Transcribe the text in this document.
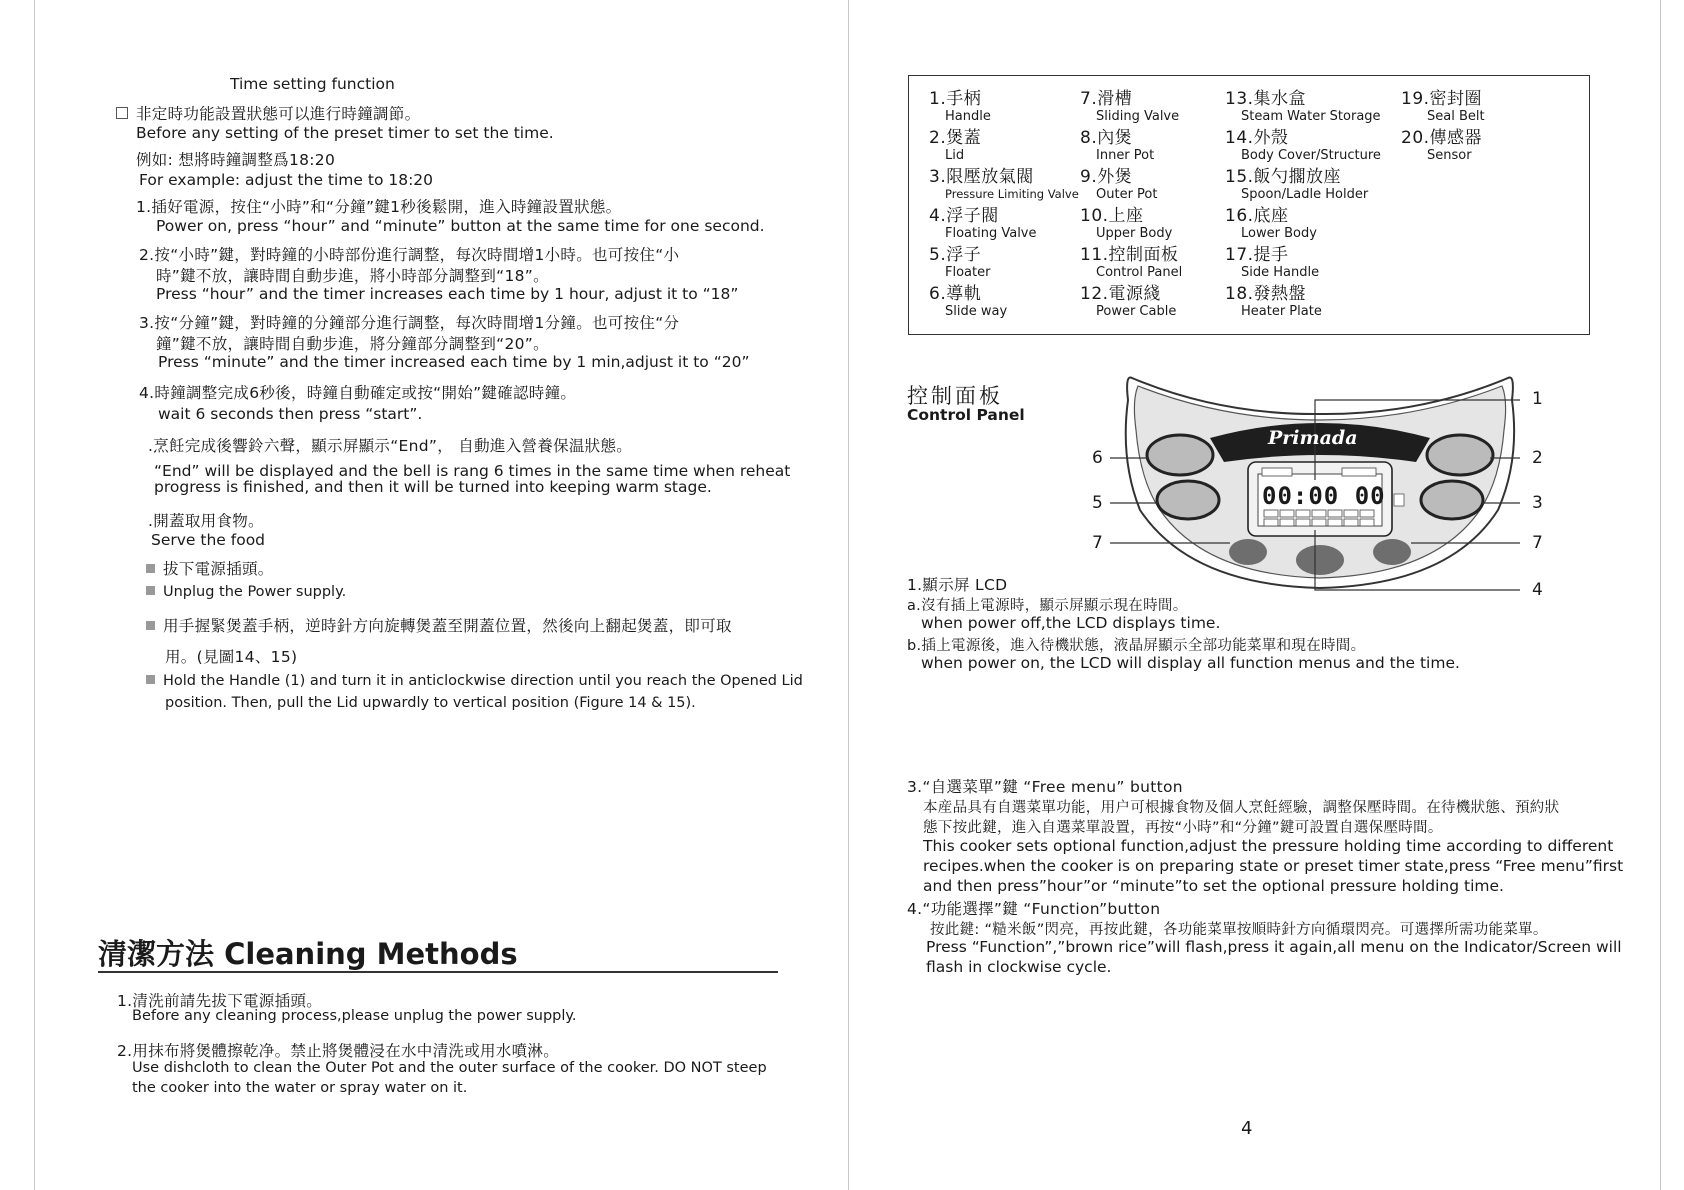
Time setting function
非定時功能設置狀態可以進行時鐘調節。
Before any setting of the preset timer to set the time.
例如: 想將時鐘調整爲18:20
For example: adjust the time to 18:20
1.插好電源，按住“小時”和“分鐘”鍵1秒後鬆開，進入時鐘設置狀態。
Power on, press “hour” and “minute” button at the same time for one second.
2.按“小時”鍵，對時鐘的小時部份進行調整，每次時間增1小時。也可按住“小
時”鍵不放，讓時間自動步進，將小時部分調整到“18”。
Press “hour” and the timer increases each time by 1 hour, adjust it to “18”
3.按“分鐘”鍵，對時鐘的分鐘部分進行調整，每次時間增1分鐘。也可按住“分
鐘”鍵不放，讓時間自動步進，將分鐘部分調整到“20”。
Press “minute” and the timer increased each time by 1 min,adjust it to “20”
4.時鐘調整完成6秒後，時鐘自動確定或按“開始”鍵確認時鐘。
wait 6 seconds then press “start”.
.烹飪完成後響鈴六聲，顯示屏顯示“End”， 自動進入營養保温狀態。
“End” will be displayed and the bell is rang 6 times in the same time when reheat
progress is finished, and then it will be turned into keeping warm stage.
.開蓋取用食物。
Serve the food
拔下電源插頭。
Unplug the Power supply.
用手握緊煲蓋手柄，逆時針方向旋轉煲蓋至開蓋位置，然後向上翻起煲蓋，即可取
用。(見圖14、15)
Hold the Handle (1) and turn it in anticlockwise direction until you reach the Opened Lid
position. Then, pull the Lid upwardly to vertical position (Figure 14 & 15).
清潔方法 Cleaning Methods
1.清洗前請先拔下電源插頭。
Before any cleaning process,please unplug the power supply.
2.用抹布將煲體擦乾净。禁止將煲體浸在水中清洗或用水噴淋。
Use dishcloth to clean the Outer Pot and the outer surface of the cooker. DO NOT steep
the cooker into the water or spray water on it.
1.手柄
Handle
2.煲蓋
Lid
3.限壓放氣閥
Pressure Limiting Valve
4.浮子閥
Floating Valve
5.浮子
Floater
6.導軌
Slide way
7.滑槽
Sliding Valve
8.內煲
Inner Pot
9.外煲
Outer Pot
10.上座
Upper Body
11.控制面板
Control Panel
12.電源綫
Power Cable
13.集水盒
Steam Water Storage
14.外殼
Body Cover/Structure
15.飯勺擱放座
Spoon/Ladle Holder
16.底座
Lower Body
17.提手
Side Handle
18.發熱盤
Heater Plate
19.密封圈
Seal Belt
20.傳感器
Sensor
控制面板
Control Panel
Primada
00:00 00
1
2
3
7
4
6
5
7
1.顯示屏 LCD
a.沒有插上電源時，顯示屏顯示現在時間。
when power off,the LCD displays time.
b.插上電源後，進入待機狀態，液晶屏顯示全部功能菜單和現在時間。
when power on, the LCD will display all function menus and the time.
3.“自選菜單”鍵 “Free menu” button
本産品具有自選菜單功能，用户可根據食物及個人烹飪經驗，調整保壓時間。在待機狀態、預約狀
態下按此鍵，進入自選菜單設置，再按“小時”和“分鐘”鍵可設置自選保壓時間。
This cooker sets optional function,adjust the pressure holding time according to different
recipes.when the cooker is on preparing state or preset timer state,press “Free menu”first
and then press”hour”or “minute”to set the optional pressure holding time.
4.“功能選擇”鍵 “Function”button
按此鍵: “糙米飯”閃亮，再按此鍵，各功能菜單按順時針方向循環閃亮。可選擇所需功能菜單。
Press “Function”,”brown rice”will flash,press it again,all menu on the Indicator/Screen will
flash in clockwise cycle.
4
